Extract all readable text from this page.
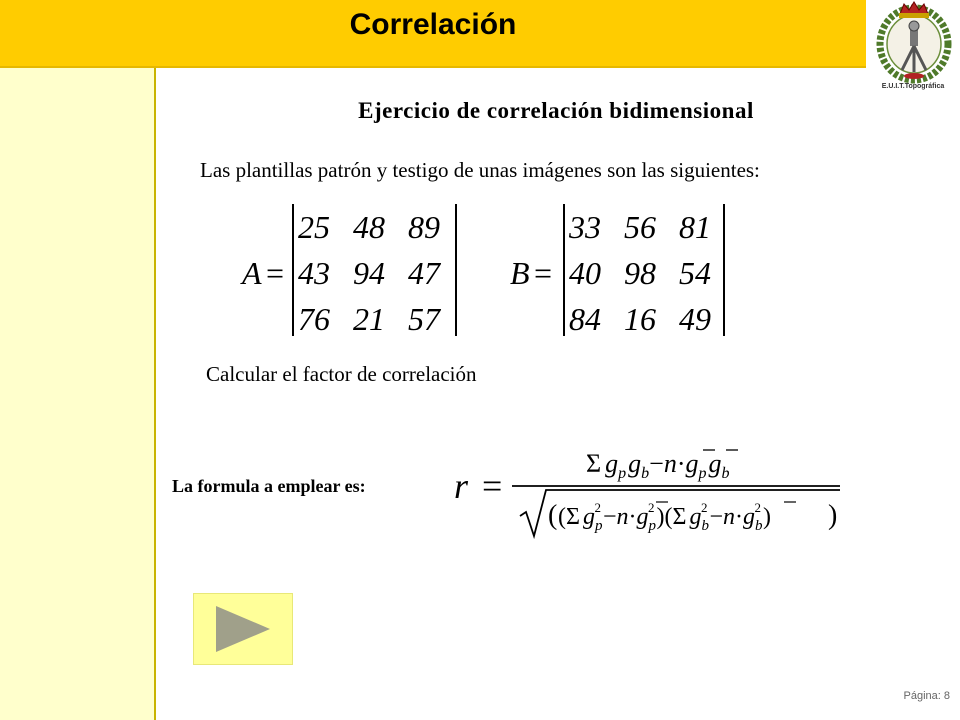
Correlación
E.U.I.T.Topográfica
Ejercicio de correlación bidimensional
Las plantillas patrón y testigo de unas imágenes son las siguientes:
A =	B =
25 48 89
43 94 47
76 21 57
33 56 81
40 98 54
84 16 49
Calcular el factor de correlación
La formula a emplear es: r =
Σ $g_pg_b-n\cdot g_pg_b$
( (Σ $g_p2-n\cdot g_p2)(\Sigma$ $g_b2-n\cdot g_b2$) )
Página: 8
